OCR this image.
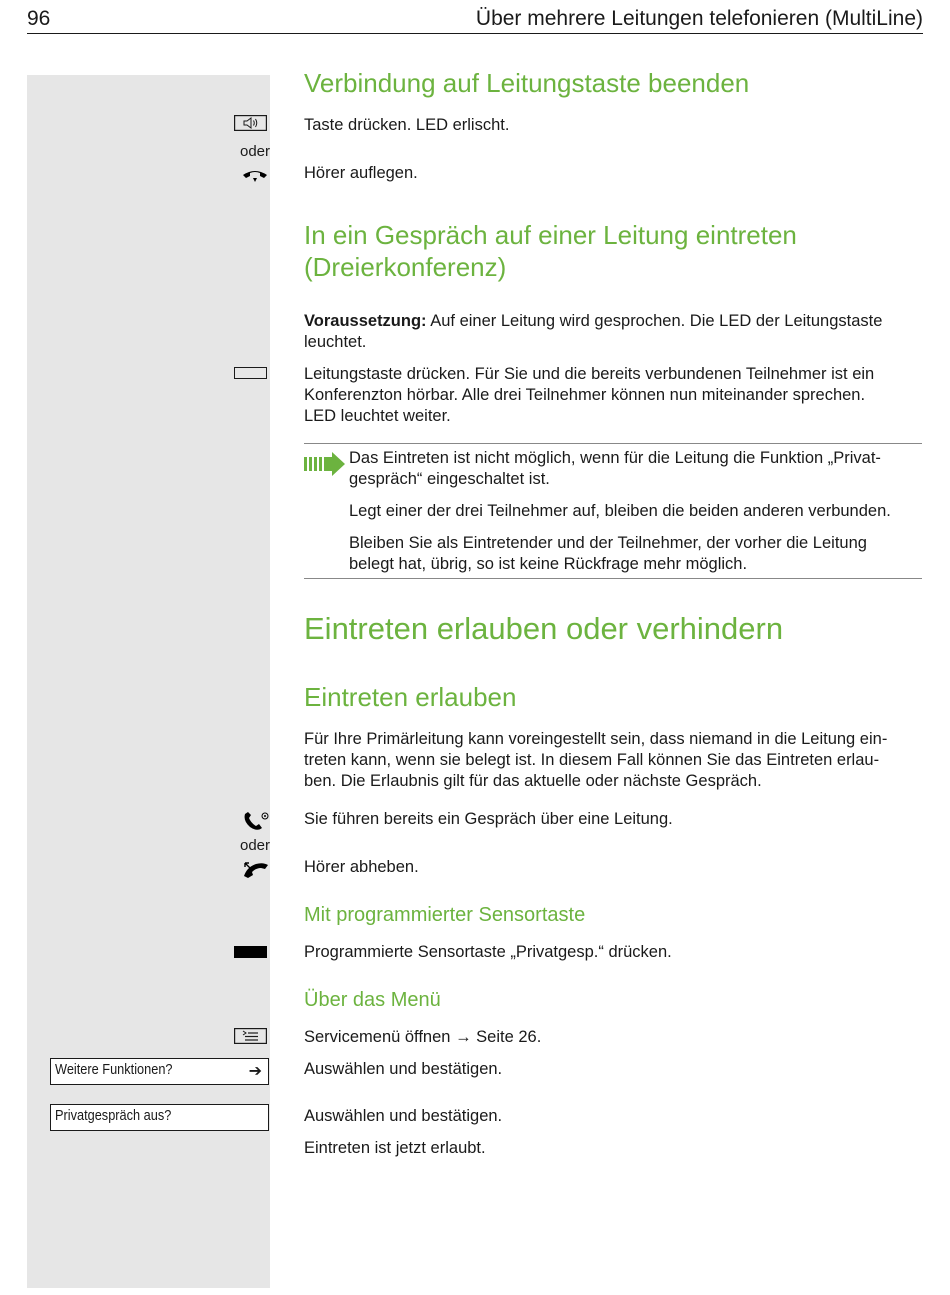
96	Über mehrere Leitungen telefonieren (MultiLine)
Verbindung auf Leitungstaste beenden
Taste drücken. LED erlischt.
oder
Hörer auflegen.
In ein Gespräch auf einer Leitung eintreten
(Dreierkonferenz)
Voraussetzung: Auf einer Leitung wird gesprochen. Die LED der Leitungstaste
leuchtet.
Leitungstaste drücken. Für Sie und die bereits verbundenen Teilnehmer ist ein
Konferenzton hörbar. Alle drei Teilnehmer können nun miteinander sprechen.
LED leuchtet weiter.
Das Eintreten ist nicht möglich, wenn für die Leitung die Funktion „Privat-
gespräch“ eingeschaltet ist.
Legt einer der drei Teilnehmer auf, bleiben die beiden anderen verbunden.
Bleiben Sie als Eintretender und der Teilnehmer, der vorher die Leitung
belegt hat, übrig, so ist keine Rückfrage mehr möglich.
Eintreten erlauben oder verhindern
Eintreten erlauben
Für Ihre Primärleitung kann voreingestellt sein, dass niemand in die Leitung ein-
treten kann, wenn sie belegt ist. In diesem Fall können Sie das Eintreten erlau-
ben. Die Erlaubnis gilt für das aktuelle oder nächste Gespräch.
Sie führen bereits ein Gespräch über eine Leitung.
oder
Hörer abheben.
Mit programmierter Sensortaste
Programmierte Sensortaste „Privatgesp.“ drücken.
Über das Menü
Servicemenü öffnen → Seite 26.
Weitere Funktionen?	➔	Auswählen und bestätigen.
Privatgespräch aus?	Auswählen und bestätigen.
Eintreten ist jetzt erlaubt.
